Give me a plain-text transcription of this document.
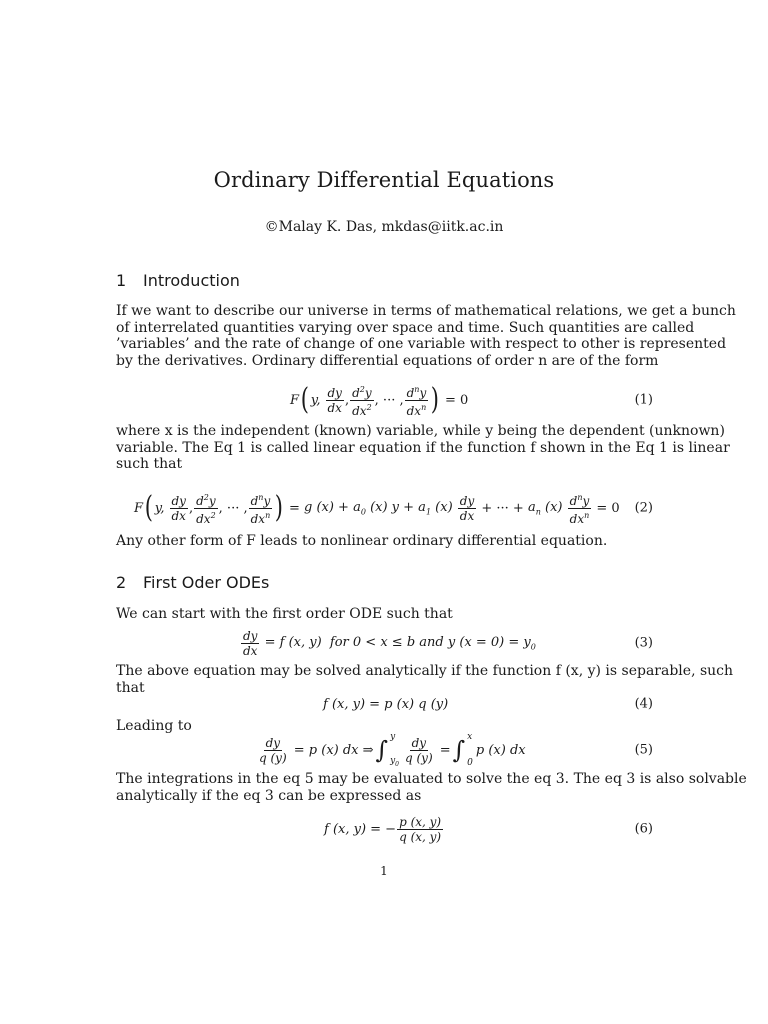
Ordinary Differential Equations
©Malay K. Das, mkdas@iitk.ac.in
1 Introduction
If we want to describe our universe in terms of mathematical relations, we get a bunch
of interrelated quantities varying over space and time. Such quantities are called
’variables’ and the rate of change of one variable with respect to other is represented
by the derivatives. Ordinary differential equations of order n are of the form
F ( y, $\frac{dy}{dx}$ , $\frac{d^2y}{dx^2}$ , ··· , $\frac{d^ny}{dx^n}$ ) = 0	(1)
where x is the independent (known) variable, while y being the dependent (unknown)
variable. The Eq 1 is called linear equation if the function f shown in the Eq 1 is linear
such that
F ( y, $\frac{dy}{dx}$ , $\frac{d^2y}{dx^2}$ , ··· , $\frac{d^ny}{dx^n}$ ) = g $(x) + a_0$ (x) $y + a_1$ $(x) \frac{dy}{dx}$ + ··· + $a_n$ $(x) \frac{d^ny}{dx^n} = 0$ (2)
Any other form of F leads to nonlinear ordinary differential equation.
2 First Oder ODEs
We can start with the first order ODE such that
$\frac{dy}{dx} = f$ (x, y)  for 0 < x ≤ b and y $(x = 0) = y_0$	(3)
The above equation may be solved analytically if the function f (x, y) is separable, such
that
f (x, y) = p (x) q (y)	(4)
Leading to
$\frac{dy}{q (y)} = p$ (x) dx ⇒ ∫ y
$y_0 \frac{dy}{q (y)}$ = ∫ x
0
p (x) dx	(5)
The integrations in the eq 5 may be evaluated to solve the eq 3. The eq 3 is also solvable
analytically if the eq 3 can be expressed as
f (x, y) = − $\frac{p (x, y)}{q (x, y)}$	(6)
1
